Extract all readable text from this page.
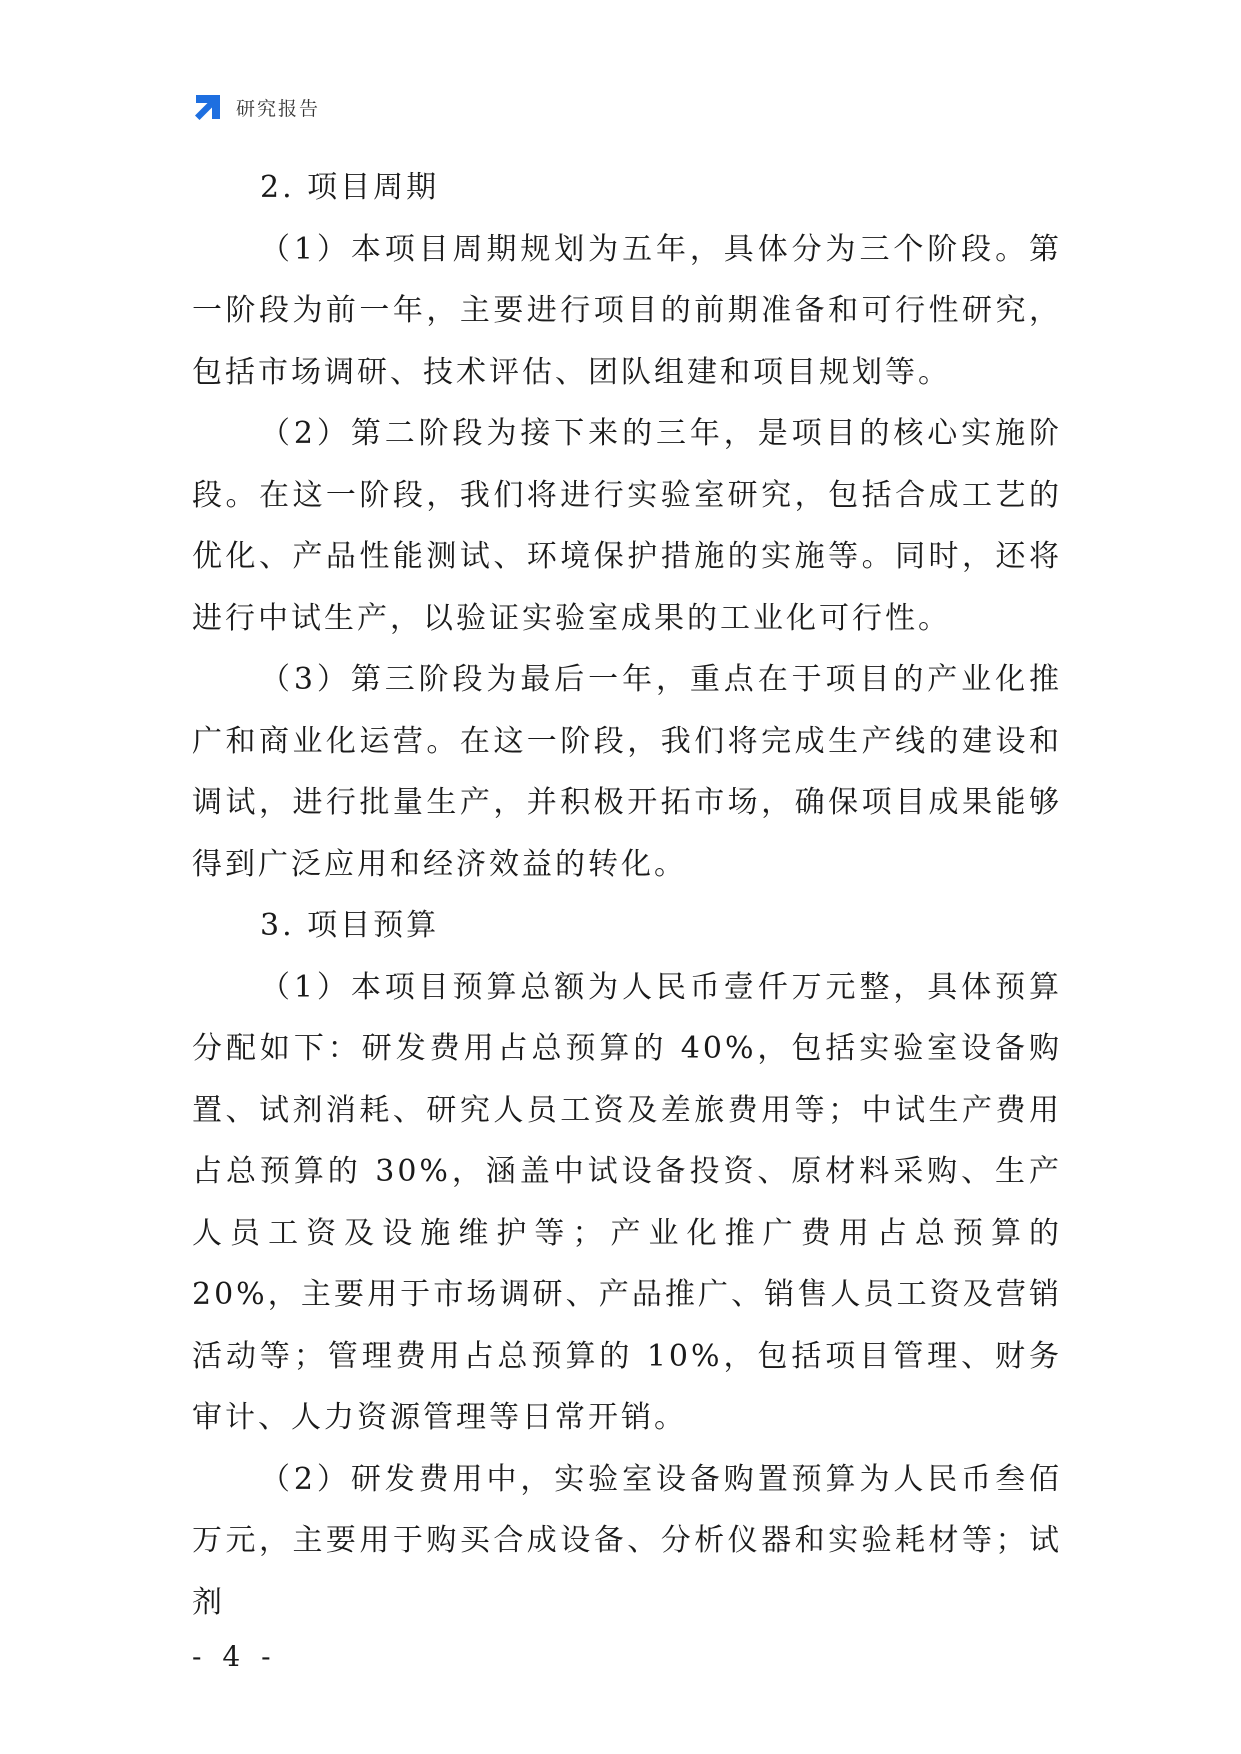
研究报告

2. 项目周期

（1）本项目周期规划为五年，具体分为三个阶段。第一阶段为前一年，主要进行项目的前期准备和可行性研究，包括市场调研、技术评估、团队组建和项目规划等。

（2）第二阶段为接下来的三年，是项目的核心实施阶段。在这一阶段，我们将进行实验室研究，包括合成工艺的优化、产品性能测试、环境保护措施的实施等。同时，还将进行中试生产，以验证实验室成果的工业化可行性。

（3）第三阶段为最后一年，重点在于项目的产业化推广和商业化运营。在这一阶段，我们将完成生产线的建设和调试，进行批量生产，并积极开拓市场，确保项目成果能够得到广泛应用和经济效益的转化。

3. 项目预算

（1）本项目预算总额为人民币壹仟万元整，具体预算分配如下：研发费用占总预算的 40%，包括实验室设备购置、试剂消耗、研究人员工资及差旅费用等；中试生产费用占总预算的 30%，涵盖中试设备投资、原材料采购、生产人员工资及设施维护等；产业化推广费用占总预算的 20%，主要用于市场调研、产品推广、销售人员工资及营销活动等；管理费用占总预算的 10%，包括项目管理、财务审计、人力资源管理等日常开销。

（2）研发费用中，实验室设备购置预算为人民币叁佰万元，主要用于购买合成设备、分析仪器和实验耗材等；试剂

- 4 -
